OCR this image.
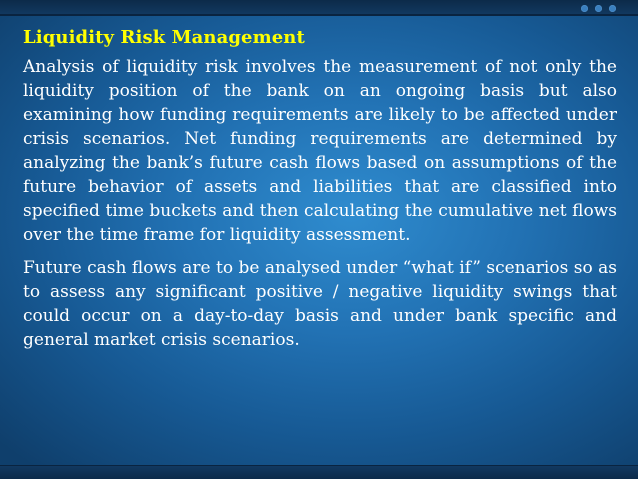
Liquidity Risk Management

Analysis of liquidity risk involves the measurement of not only the liquidity position of the bank on an ongoing basis but also examining how funding requirements are likely to be affected under crisis scenarios. Net funding requirements are determined by analyzing the bank’s future cash flows based on assumptions of the future behavior of assets and liabilities that are classified into specified time buckets and then calculating the cumulative net flows over the time frame for liquidity assessment.

Future cash flows are to be analysed under “what if” scenarios so as to assess any significant positive / negative liquidity swings that could occur on a day-to-day basis and under bank specific and general market crisis scenarios.
